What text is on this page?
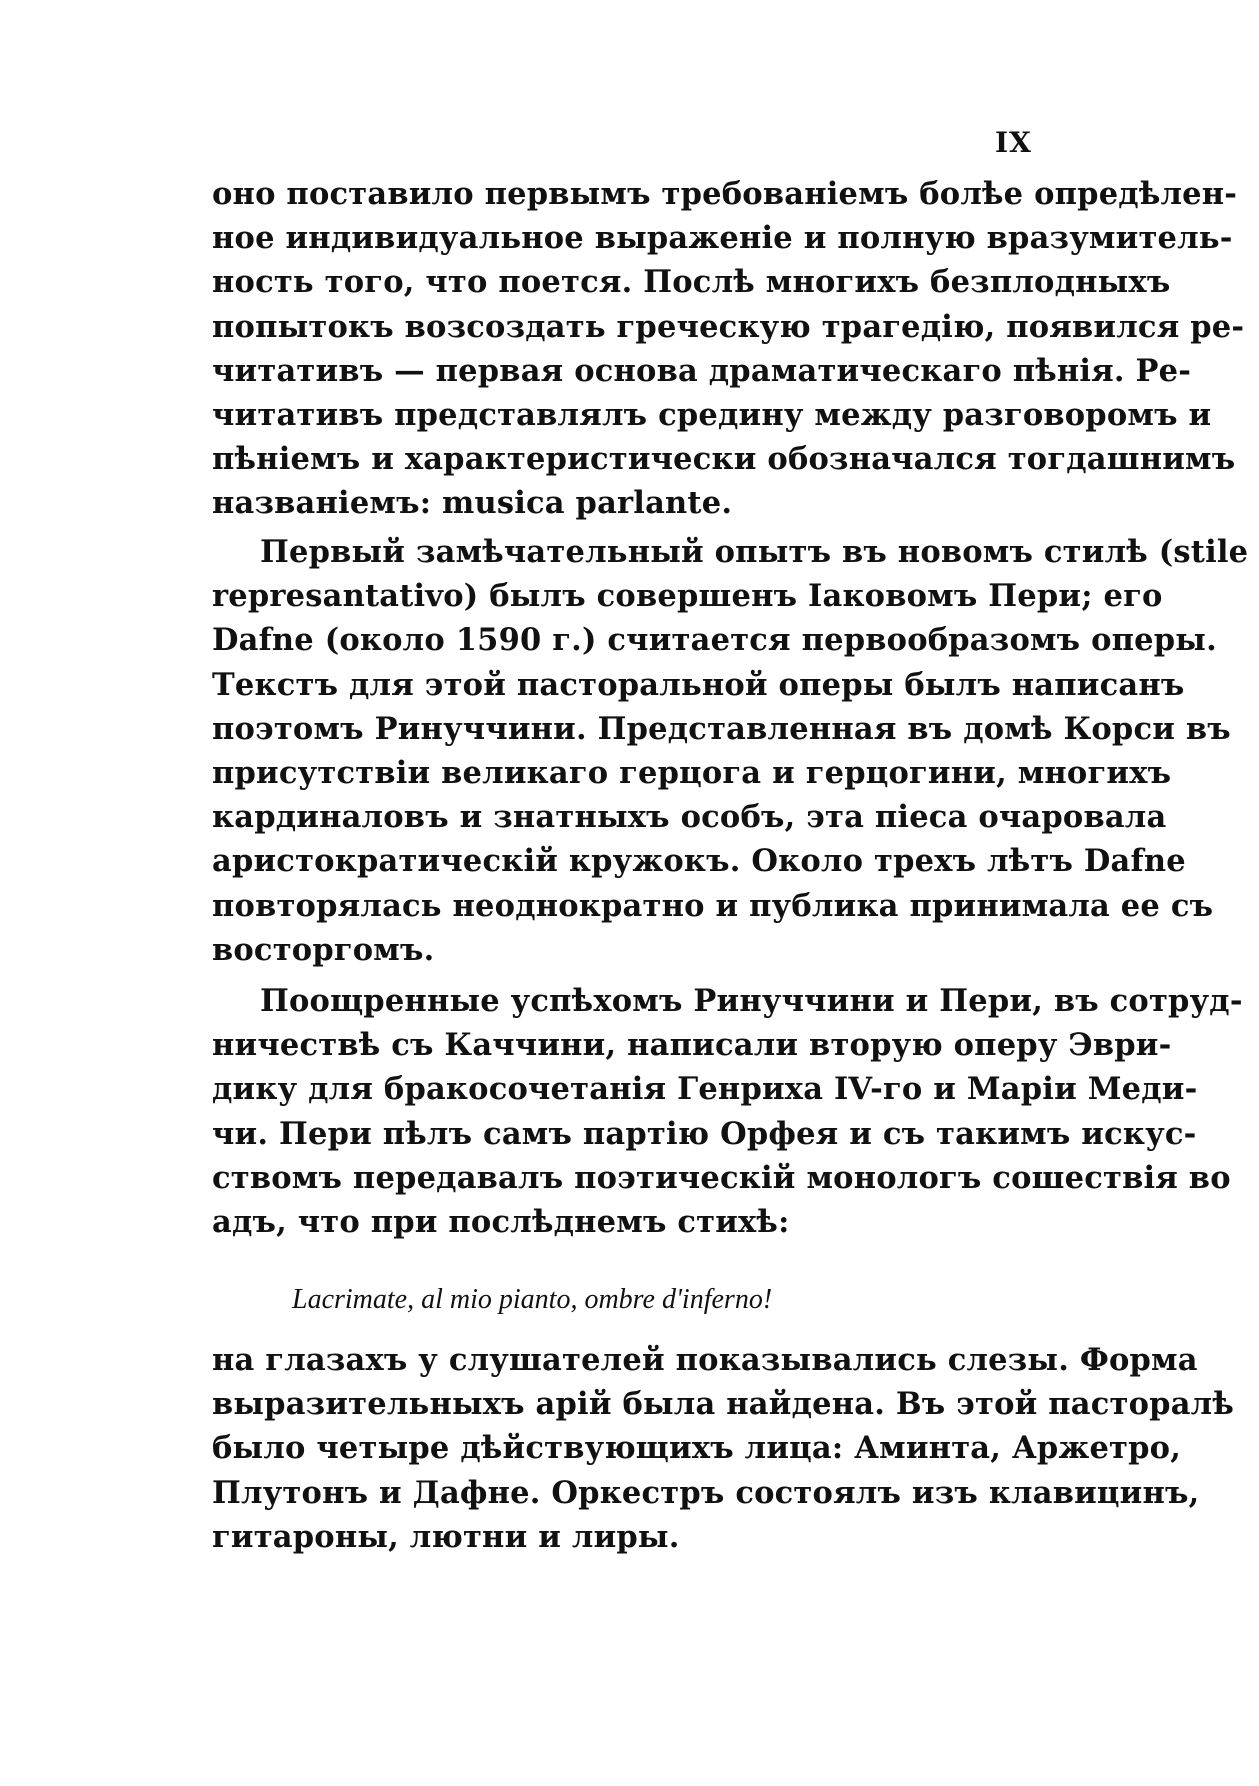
IX
оно поставило первымъ требованіемъ болѣе опредѣлен-
ное индивидуальное выраженіе и полную вразумитель-
ность того, что поется. Послѣ многихъ безплодныхъ
попытокъ возсоздать греческую трагедію, появился ре-
читативъ — первая основа драматическаго пѣнія. Ре-
читативъ представлялъ средину между разговоромъ и
пѣніемъ и характеристически обозначался тогдашнимъ
названіемъ: musica parlante.
Первый замѣчательный опытъ въ новомъ стилѣ (stile
represantativo) былъ совершенъ Іаковомъ Пери; его
Dafne (около 1590 г.) считается первообразомъ оперы.
Текстъ для этой пасторальной оперы былъ написанъ
поэтомъ Ринуччини. Представленная въ домѣ Корси въ
присутствіи великаго герцога и герцогини, многихъ
кардиналовъ и знатныхъ особъ, эта піеса очаровала
аристократическій кружокъ. Около трехъ лѣтъ Dafne
повторялась неоднократно и публика принимала ее съ
восторгомъ.
Поощренные успѣхомъ Ринуччини и Пери, въ сотруд-
ничествѣ съ Каччини, написали вторую оперу Эври-
дику для бракосочетанія Генриха IV-го и Маріи Меди-
чи. Пери пѣлъ самъ партію Орфея и съ такимъ искус-
ствомъ передавалъ поэтическій монологъ сошествія во
адъ, что при послѣднемъ стихѣ:
Lacrimate, al mio pianto, ombre d'inferno!
на глазахъ у слушателей показывались слезы. Форма
выразительныхъ арій была найдена. Въ этой пасторалѣ
было четыре дѣйствующихъ лица: Аминта, Аржетро,
Плутонъ и Дафне. Оркестръ состоялъ изъ клавицинъ,
гитароны, лютни и лиры.
